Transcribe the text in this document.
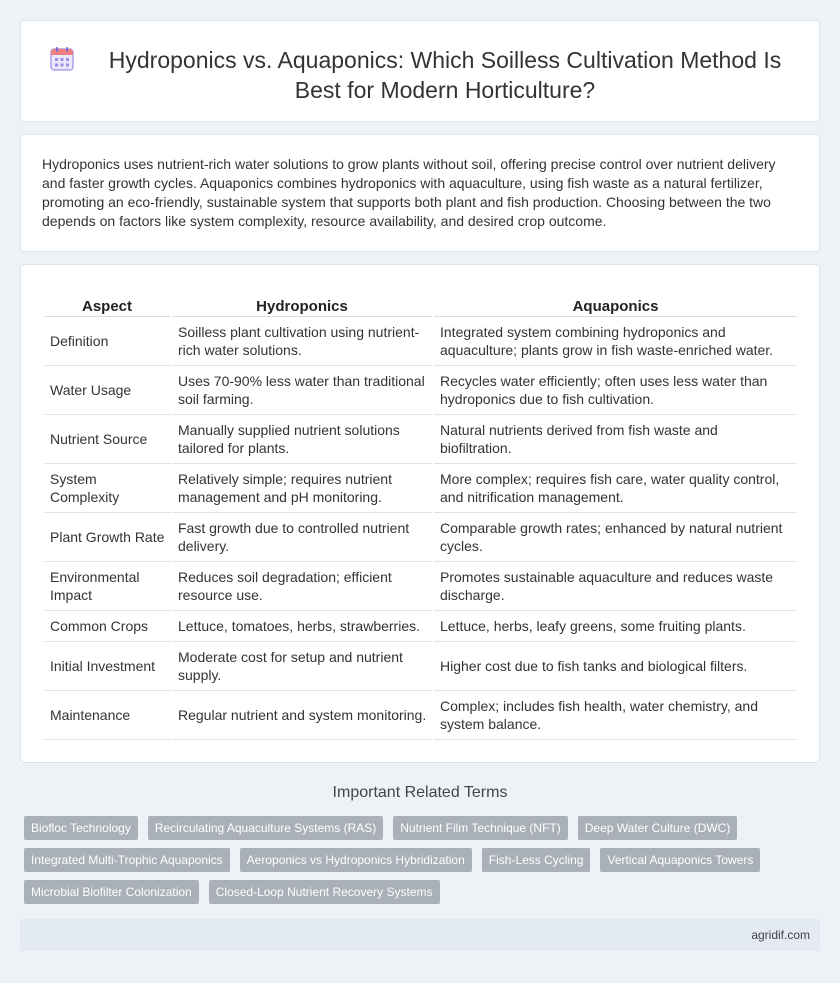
Hydroponics vs. Aquaponics: Which Soilless Cultivation Method Is Best for Modern Horticulture?

Hydroponics uses nutrient-rich water solutions to grow plants without soil, offering precise control over nutrient delivery and faster growth cycles. Aquaponics combines hydroponics with aquaculture, using fish waste as a natural fertilizer, promoting an eco-friendly, sustainable system that supports both plant and fish production. Choosing between the two depends on factors like system complexity, resource availability, and desired crop outcome.

Aspect	Hydroponics	Aquaponics
Definition	Soilless plant cultivation using nutrient-rich water solutions.	Integrated system combining hydroponics and aquaculture; plants grow in fish waste-enriched water.
Water Usage	Uses 70-90% less water than traditional soil farming.	Recycles water efficiently; often uses less water than hydroponics due to fish cultivation.
Nutrient Source	Manually supplied nutrient solutions tailored for plants.	Natural nutrients derived from fish waste and biofiltration.
System Complexity	Relatively simple; requires nutrient management and pH monitoring.	More complex; requires fish care, water quality control, and nitrification management.
Plant Growth Rate	Fast growth due to controlled nutrient delivery.	Comparable growth rates; enhanced by natural nutrient cycles.
Environmental Impact	Reduces soil degradation; efficient resource use.	Promotes sustainable aquaculture and reduces waste discharge.
Common Crops	Lettuce, tomatoes, herbs, strawberries.	Lettuce, herbs, leafy greens, some fruiting plants.
Initial Investment	Moderate cost for setup and nutrient supply.	Higher cost due to fish tanks and biological filters.
Maintenance	Regular nutrient and system monitoring.	Complex; includes fish health, water chemistry, and system balance.
Important Related Terms
Biofloc Technology	Recirculating Aquaculture Systems (RAS)	Nutrient Film Technique (NFT)	Deep Water Culture (DWC)
Integrated Multi-Trophic Aquaponics	Aeroponics vs Hydroponics Hybridization	Fish-Less Cycling	Vertical Aquaponics Towers
Microbial Biofilter Colonization	Closed-Loop Nutrient Recovery Systems
agridif.com
